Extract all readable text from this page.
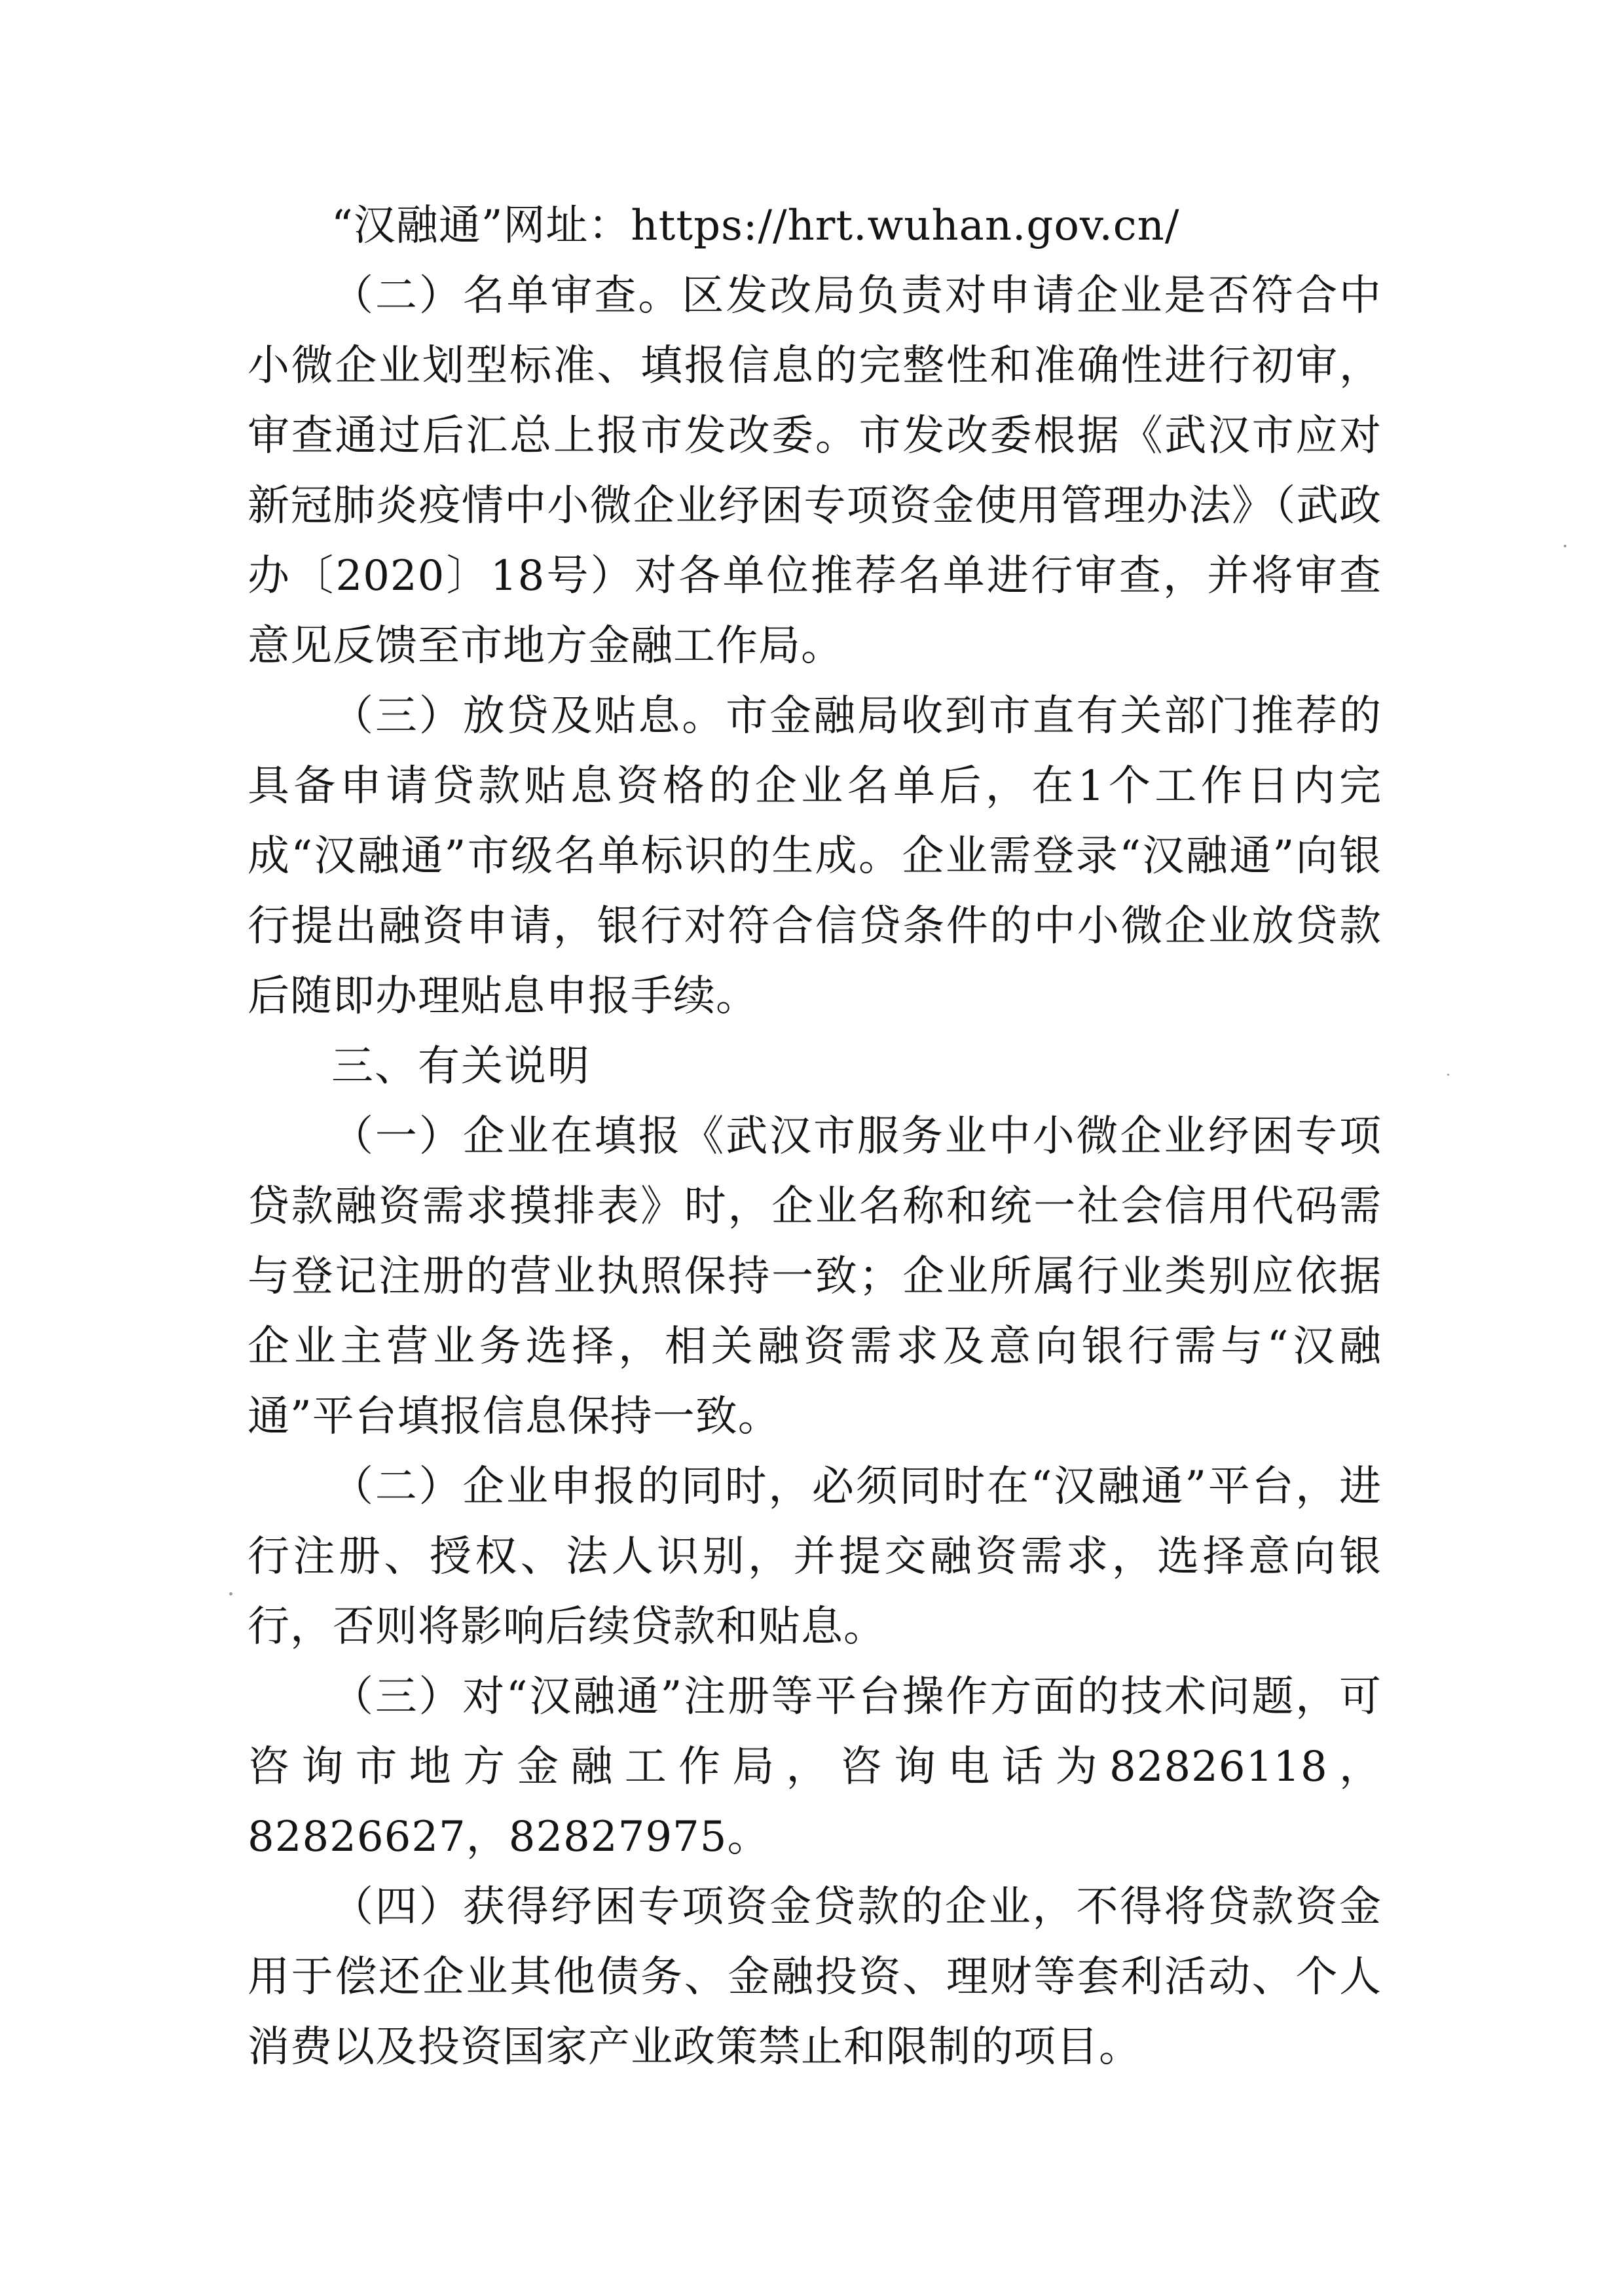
“汉融通”网址：https://hrt.wuhan.gov.cn/

（二）名单审查。区发改局负责对申请企业是否符合中小微企业划型标准、填报信息的完整性和准确性进行初审，审查通过后汇总上报市发改委。市发改委根据《武汉市应对新冠肺炎疫情中小微企业纾困专项资金使用管理办法》（武政办〔2020〕18号）对各单位推荐名单进行审查，并将审查意见反馈至市地方金融工作局。

（三）放贷及贴息。市金融局收到市直有关部门推荐的具备申请贷款贴息资格的企业名单后，在1个工作日内完成“汉融通”市级名单标识的生成。企业需登录“汉融通”向银行提出融资申请，银行对符合信贷条件的中小微企业放贷款后随即办理贴息申报手续。

三、有关说明

（一）企业在填报《武汉市服务业中小微企业纾困专项贷款融资需求摸排表》时，企业名称和统一社会信用代码需与登记注册的营业执照保持一致；企业所属行业类别应依据企业主营业务选择，相关融资需求及意向银行需与“汉融通”平台填报信息保持一致。

（二）企业申报的同时，必须同时在“汉融通”平台，进行注册、授权、法人识别，并提交融资需求，选择意向银行，否则将影响后续贷款和贴息。

（三）对“汉融通”注册等平台操作方面的技术问题，可咨询市地方金融工作局，咨询电话为82826118，82826627，82827975。

（四）获得纾困专项资金贷款的企业，不得将贷款资金用于偿还企业其他债务、金融投资、理财等套利活动、个人消费以及投资国家产业政策禁止和限制的项目。
